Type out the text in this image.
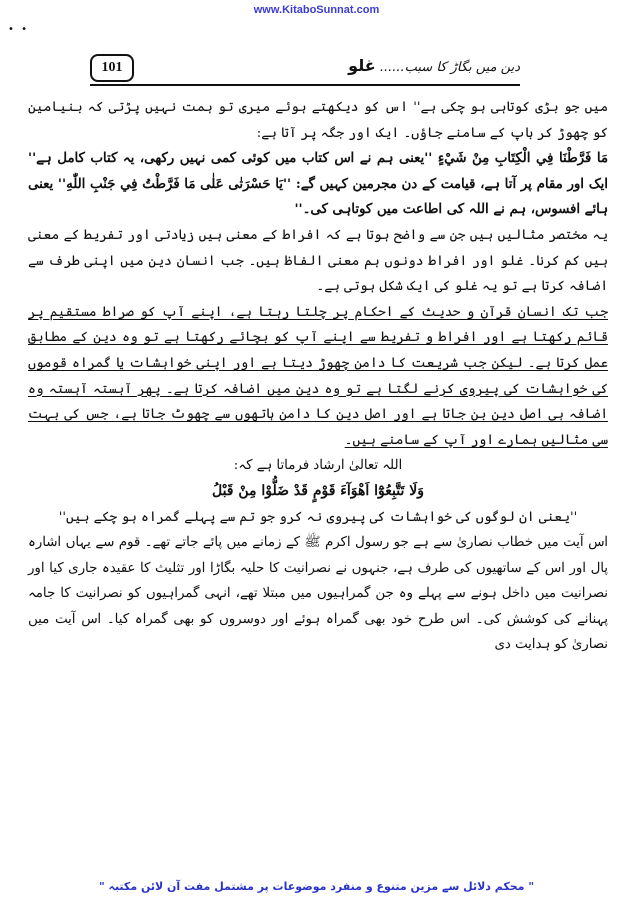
www.KitaboSunnat.com
• •
101	دین میں بگاڑ کا سبب...... غلو

میں جو بڑی کوتاہی ہو چکی ہے'' اس کو دیکھتے ہوئے میری تو ہمت نہیں پڑتی کہ بنیامین کو چھوڑ کر باپ کے سامنے جاؤں۔ ایک اور جگہ پر آتا ہے:

مَا فَرَّطْنَا فِي الْكِتَابِ مِنْ شَيْءٍ ''یعنی ہم نے اس کتاب میں کوئی کمی نہیں رکھی، یہ کتاب کامل ہے'' ایک اور مقام پر آتا ہے، قیامت کے دن مجرمین کہیں گے: ''يَا حَسْرَتٰى عَلٰى مَا فَرَّطْتُ فِي جَنْبِ اللّٰهِ'' یعنی ہائے افسوس، ہم نے اللہ کی اطاعت میں کوتاہی کی۔''

یہ مختصر مثالیں ہیں جن سے واضح ہوتا ہے کہ افراط کے معنی ہیں زیادتی اور تفریط کے معنی ہیں کم کرنا۔ غلو اور افراط دونوں ہم معنی الفاظ ہیں۔ جب انسان دین میں اپنی طرف سے اضافہ کرتا ہے تو یہ غلو کی ایک شکل ہوتی ہے۔

جب تک انسان قرآن و حدیث کے احکام پر چلتا رہتا ہے، اپنے آپ کو صراط مستقیم پر قائم رکھتا ہے اور افراط و تفریط سے اپنے آپ کو بچائے رکھتا ہے تو وہ دین کے مطابق عمل کرتا ہے۔ لیکن جب شریعت کا دامن چھوڑ دیتا ہے اور اپنی خواہشات یا گمراہ قوموں کی خواہشات کی پیروی کرنے لگتا ہے تو وہ دین میں اضافہ کرتا ہے۔ پھر آہستہ آہستہ وہ اضافہ ہی اصل دین بن جاتا ہے اور اصل دین کا دامن ہاتھوں سے چھوٹ جاتا ہے، جس کی بہت سی مثالیں ہمارے اور آپ کے سامنے ہیں۔

اللہ تعالیٰ ارشاد فرماتا ہے کہ:

وَلَا تَتَّبِعُوْٓا اَهْوَآءَ قَوْمٍ قَدْ ضَلُّوْا مِنْ قَبْلُ

''یعنی ان لوگوں کی خواہشات کی پیروی نہ کرو جو تم سے پہلے گمراہ ہو چکے ہیں''

اس آیت میں خطاب نصاریٰ سے ہے جو رسول اکرم ﷺ کے زمانے میں پائے جاتے تھے۔ قوم سے یہاں اشارہ پال اور اس کے ساتھیوں کی طرف ہے، جنہوں نے نصرانیت کا حلیہ بگاڑا اور تثلیث کا عقیدہ جاری کیا اور نصرانیت میں داخل ہونے سے پہلے وہ جن گمراہیوں میں مبتلا تھے، انہی گمراہیوں کو نصرانیت کا جامہ پہنانے کی کوشش کی۔ اس طرح خود بھی گمراہ ہوئے اور دوسروں کو بھی گمراہ کیا۔ اس آیت میں نصاریٰ کو ہدایت دی

" محکم دلائل سے مزین متنوع و منفرد موضوعات پر مشتمل مفت آن لائن مکتبہ "
